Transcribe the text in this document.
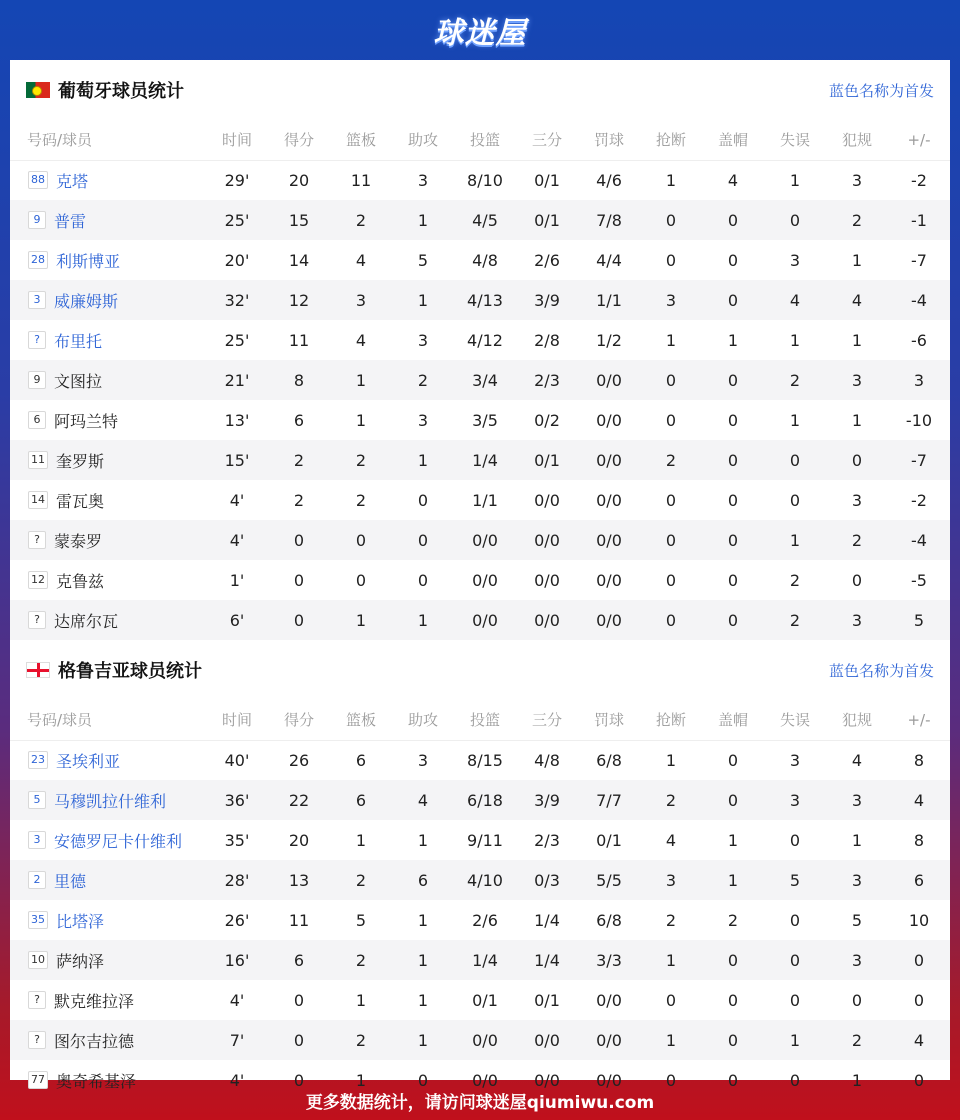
球迷屋
葡萄牙球员统计	蓝色名称为首发
号码/球员	时间	得分	篮板	助攻	投篮	三分	罚球	抢断	盖帽	失误	犯规	+/-
88 克塔	29'	20	11	3	8/10	0/1	4/6	1	4	1	3	-2
9 普雷	25'	15	2	1	4/5	0/1	7/8	0	0	0	2	-1
28 利斯博亚	20'	14	4	5	4/8	2/6	4/4	0	0	3	1	-7
3 威廉姆斯	32'	12	3	1	4/13	3/9	1/1	3	0	4	4	-4
? 布里托	25'	11	4	3	4/12	2/8	1/2	1	1	1	1	-6
9 文图拉	21'	8	1	2	3/4	2/3	0/0	0	0	2	3	3
6 阿玛兰特	13'	6	1	3	3/5	0/2	0/0	0	0	1	1	-10
11 奎罗斯	15'	2	2	1	1/4	0/1	0/0	2	0	0	0	-7
14 雷瓦奥	4'	2	2	0	1/1	0/0	0/0	0	0	0	3	-2
? 蒙泰罗	4'	0	0	0	0/0	0/0	0/0	0	0	1	2	-4
12 克鲁兹	1'	0	0	0	0/0	0/0	0/0	0	0	2	0	-5
? 达席尔瓦	6'	0	1	1	0/0	0/0	0/0	0	0	2	3	5
格鲁吉亚球员统计	蓝色名称为首发
号码/球员	时间	得分	篮板	助攻	投篮	三分	罚球	抢断	盖帽	失误	犯规	+/-
23 圣埃利亚	40'	26	6	3	8/15	4/8	6/8	1	0	3	4	8
5 马穆凯拉什维利	36'	22	6	4	6/18	3/9	7/7	2	0	3	3	4
3 安德罗尼卡什维利	35'	20	1	1	9/11	2/3	0/1	4	1	0	1	8
2 里德	28'	13	2	6	4/10	0/3	5/5	3	1	5	3	6
35 比塔泽	26'	11	5	1	2/6	1/4	6/8	2	2	0	5	10
10 萨纳泽	16'	6	2	1	1/4	1/4	3/3	1	0	0	3	0
? 默克维拉泽	4'	0	1	1	0/1	0/1	0/0	0	0	0	0	0
? 图尔吉拉德	7'	0	2	1	0/0	0/0	0/0	1	0	1	2	4
77 奥奇希基泽	4'	0	1	0	0/0	0/0	0/0	0	0	0	1	0
更多数据统计，请访问球迷屋qiumiwu.com
